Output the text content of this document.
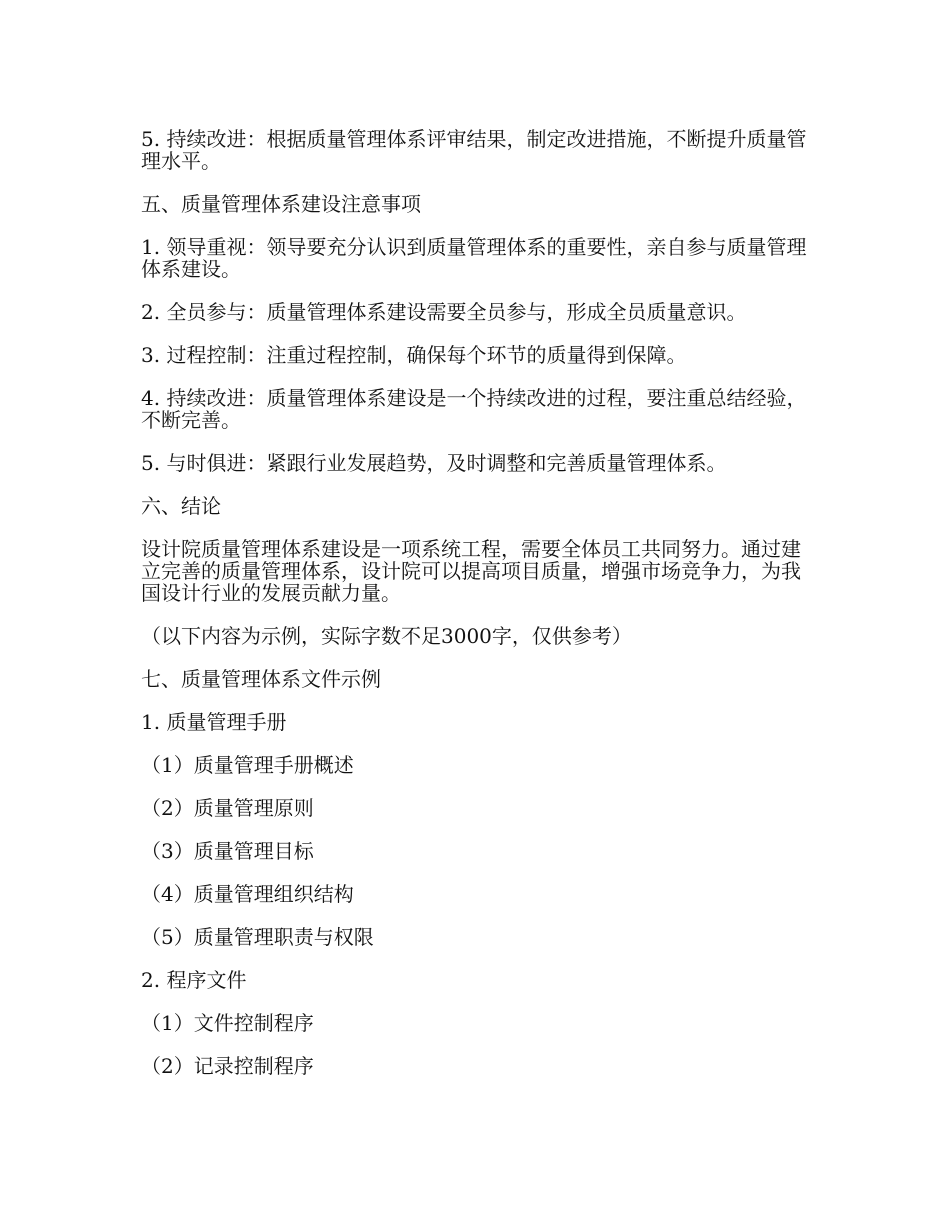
5. 持续改进：根据质量管理体系评审结果，制定改进措施，不断提升质量管理水平。

五、质量管理体系建设注意事项

1. 领导重视：领导要充分认识到质量管理体系的重要性，亲自参与质量管理体系建设。

2. 全员参与：质量管理体系建设需要全员参与，形成全员质量意识。

3. 过程控制：注重过程控制，确保每个环节的质量得到保障。

4. 持续改进：质量管理体系建设是一个持续改进的过程，要注重总结经验，不断完善。

5. 与时俱进：紧跟行业发展趋势，及时调整和完善质量管理体系。

六、结论

设计院质量管理体系建设是一项系统工程，需要全体员工共同努力。通过建立完善的质量管理体系，设计院可以提高项目质量，增强市场竞争力，为我国设计行业的发展贡献力量。

（以下内容为示例，实际字数不足3000字，仅供参考）

七、质量管理体系文件示例

1. 质量管理手册

（1）质量管理手册概述

（2）质量管理原则

（3）质量管理目标

（4）质量管理组织结构

（5）质量管理职责与权限

2. 程序文件

（1）文件控制程序

（2）记录控制程序
